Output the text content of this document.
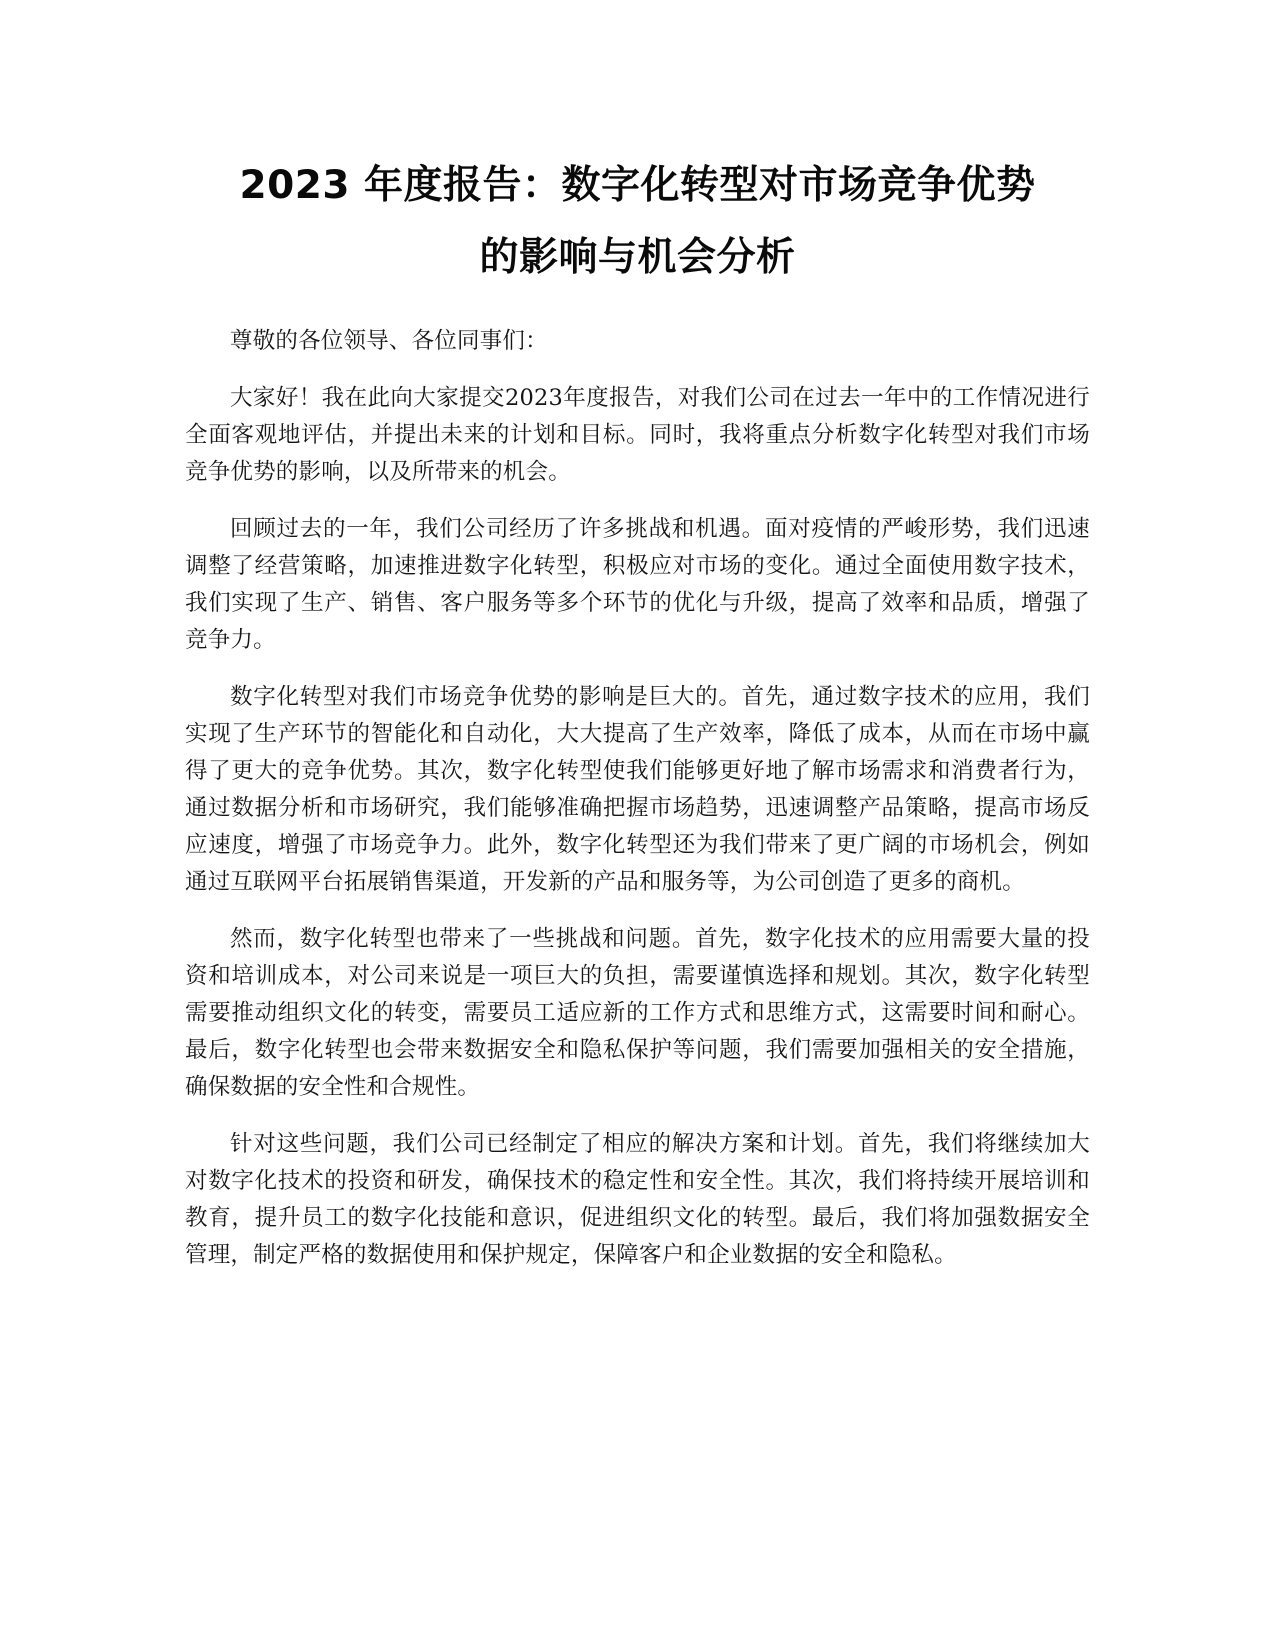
2023 年度报告：数字化转型对市场竞争优势
的影响与机会分析

尊敬的各位领导、各位同事们：

大家好！我在此向大家提交2023年度报告，对我们公司在过去一年中的工作情况进行全面客观地评估，并提出未来的计划和目标。同时，我将重点分析数字化转型对我们市场竞争优势的影响，以及所带来的机会。

回顾过去的一年，我们公司经历了许多挑战和机遇。面对疫情的严峻形势，我们迅速调整了经营策略，加速推进数字化转型，积极应对市场的变化。通过全面使用数字技术，我们实现了生产、销售、客户服务等多个环节的优化与升级，提高了效率和品质，增强了竞争力。

数字化转型对我们市场竞争优势的影响是巨大的。首先，通过数字技术的应用，我们实现了生产环节的智能化和自动化，大大提高了生产效率，降低了成本，从而在市场中赢得了更大的竞争优势。其次，数字化转型使我们能够更好地了解市场需求和消费者行为，通过数据分析和市场研究，我们能够准确把握市场趋势，迅速调整产品策略，提高市场反应速度，增强了市场竞争力。此外，数字化转型还为我们带来了更广阔的市场机会，例如通过互联网平台拓展销售渠道，开发新的产品和服务等，为公司创造了更多的商机。

然而，数字化转型也带来了一些挑战和问题。首先，数字化技术的应用需要大量的投资和培训成本，对公司来说是一项巨大的负担，需要谨慎选择和规划。其次，数字化转型需要推动组织文化的转变，需要员工适应新的工作方式和思维方式，这需要时间和耐心。最后，数字化转型也会带来数据安全和隐私保护等问题，我们需要加强相关的安全措施，确保数据的安全性和合规性。

针对这些问题，我们公司已经制定了相应的解决方案和计划。首先，我们将继续加大对数字化技术的投资和研发，确保技术的稳定性和安全性。其次，我们将持续开展培训和教育，提升员工的数字化技能和意识，促进组织文化的转型。最后，我们将加强数据安全管理，制定严格的数据使用和保护规定，保障客户和企业数据的安全和隐私。
